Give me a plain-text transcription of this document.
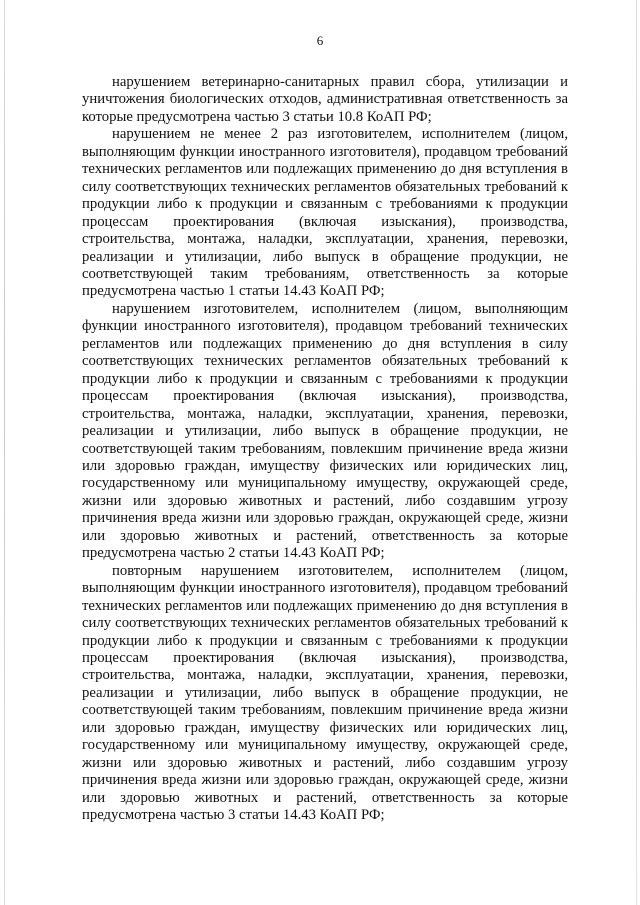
6

нарушением ветеринарно-санитарных правил сбора, утилизации и уничтожения биологических отходов, административная ответственность за которые предусмотрена частью 3 статьи 10.8 КоАП РФ;

нарушением не менее 2 раз изготовителем, исполнителем (лицом, выполняющим функции иностранного изготовителя), продавцом требований технических регламентов или подлежащих применению до дня вступления в силу соответствующих технических регламентов обязательных требований к продукции либо к продукции и связанным с требованиями к продукции процессам проектирования (включая изыскания), производства, строительства, монтажа, наладки, эксплуатации, хранения, перевозки, реализации и утилизации, либо выпуск в обращение продукции, не соответствующей таким требованиям, ответственность за которые предусмотрена частью 1 статьи 14.43 КоАП РФ;

нарушением изготовителем, исполнителем (лицом, выполняющим функции иностранного изготовителя), продавцом требований технических регламентов или подлежащих применению до дня вступления в силу соответствующих технических регламентов обязательных требований к продукции либо к продукции и связанным с требованиями к продукции процессам проектирования (включая изыскания), производства, строительства, монтажа, наладки, эксплуатации, хранения, перевозки, реализации и утилизации, либо выпуск в обращение продукции, не соответствующей таким требованиям, повлекшим причинение вреда жизни или здоровью граждан, имуществу физических или юридических лиц, государственному или муниципальному имуществу, окружающей среде, жизни или здоровью животных и растений, либо создавшим угрозу причинения вреда жизни или здоровью граждан, окружающей среде, жизни или здоровью животных и растений, ответственность за которые предусмотрена частью 2 статьи 14.43 КоАП РФ;

повторным нарушением изготовителем, исполнителем (лицом, выполняющим функции иностранного изготовителя), продавцом требований технических регламентов или подлежащих применению до дня вступления в силу соответствующих технических регламентов обязательных требований к продукции либо к продукции и связанным с требованиями к продукции процессам проектирования (включая изыскания), производства, строительства, монтажа, наладки, эксплуатации, хранения, перевозки, реализации и утилизации, либо выпуск в обращение продукции, не соответствующей таким требованиям, повлекшим причинение вреда жизни или здоровью граждан, имуществу физических или юридических лиц, государственному или муниципальному имуществу, окружающей среде, жизни или здоровью животных и растений, либо создавшим угрозу причинения вреда жизни или здоровью граждан, окружающей среде, жизни или здоровью животных и растений, ответственность за которые предусмотрена частью 3 статьи 14.43 КоАП РФ;
